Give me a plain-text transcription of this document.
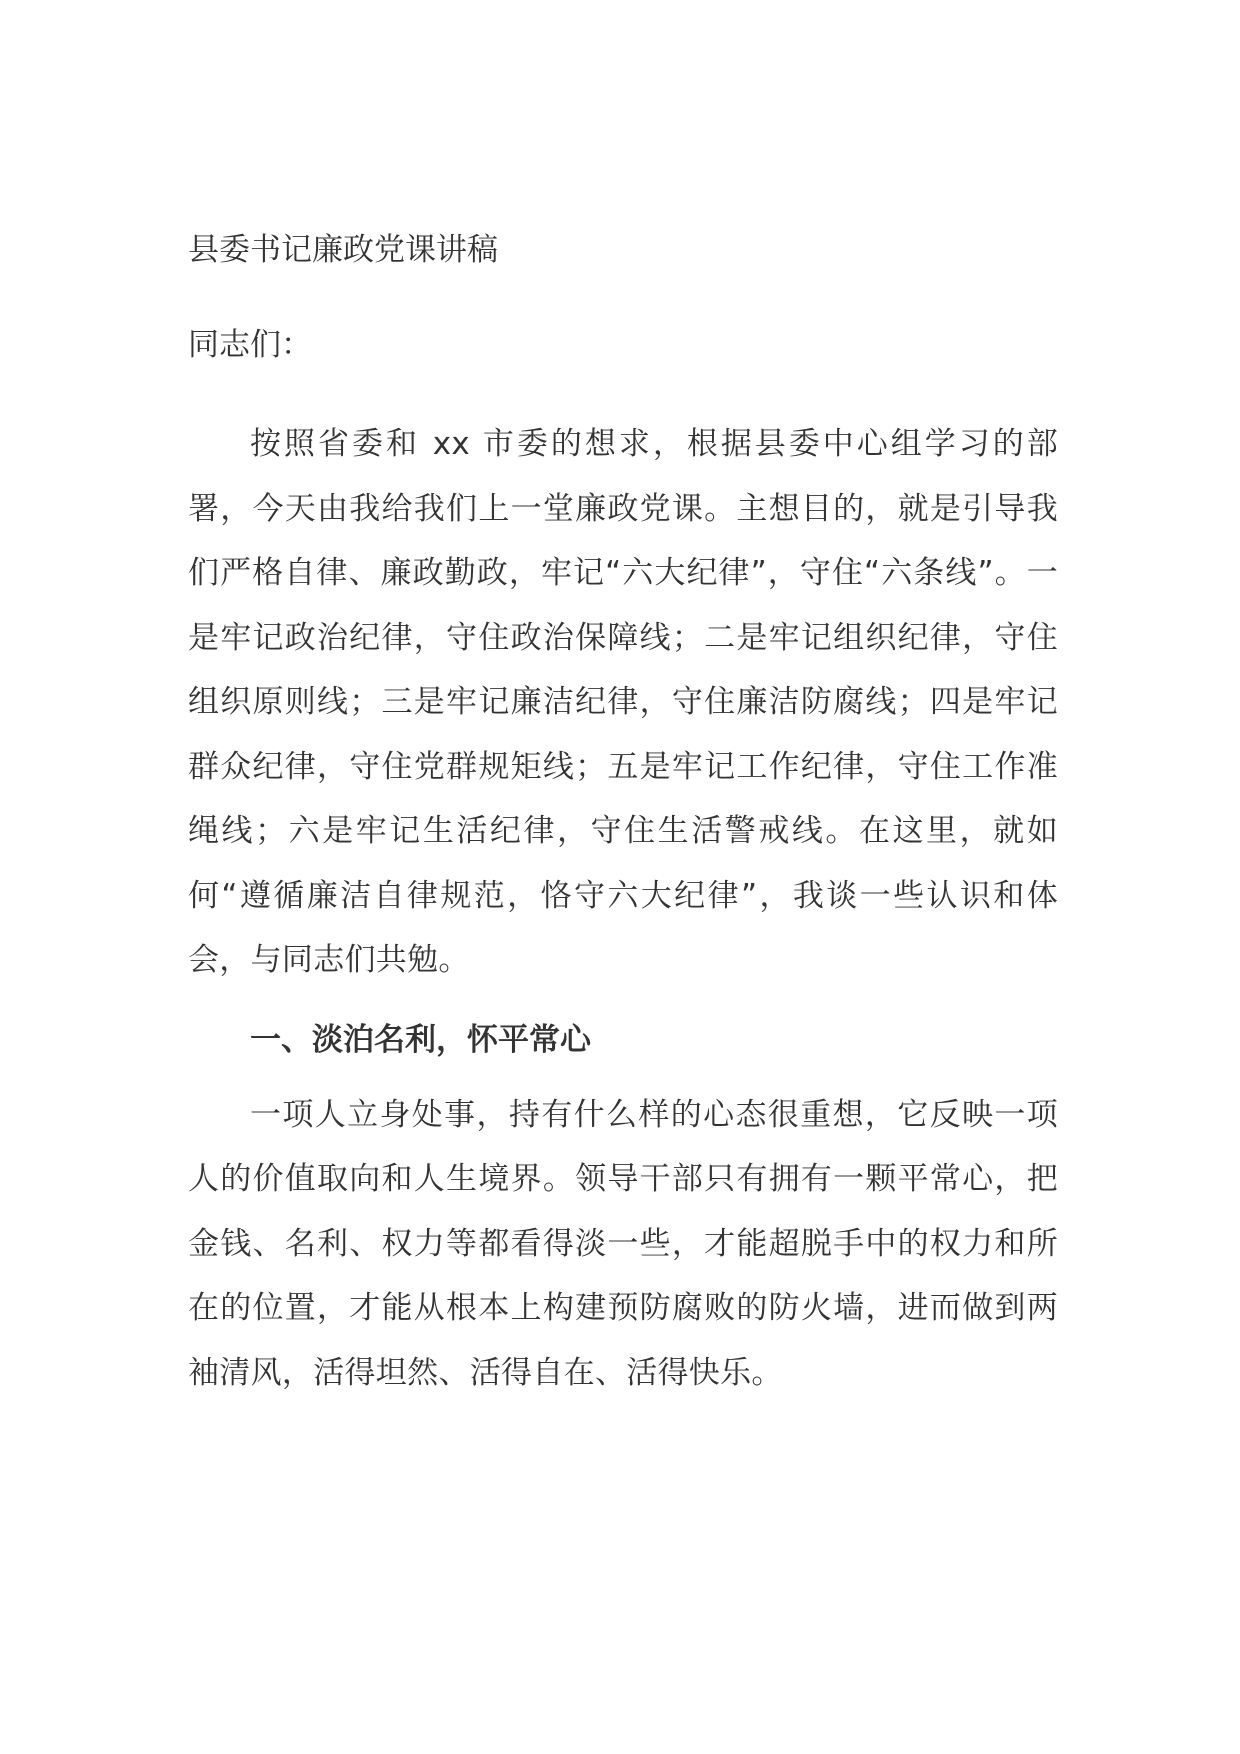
县委书记廉政党课讲稿

同志们：

按照省委和 xx 市委的想求，根据县委中心组学习的部署，今天由我给我们上一堂廉政党课。主想目的，就是引导我们严格自律、廉政勤政，牢记“六大纪律”，守住“六条线”。一是牢记政治纪律，守住政治保障线；二是牢记组织纪律，守住组织原则线；三是牢记廉洁纪律，守住廉洁防腐线；四是牢记群众纪律，守住党群规矩线；五是牢记工作纪律，守住工作准绳线；六是牢记生活纪律，守住生活警戒线。在这里，就如何“遵循廉洁自律规范，恪守六大纪律”，我谈一些认识和体会，与同志们共勉。

一、淡泊名利，怀平常心

一项人立身处事，持有什么样的心态很重想，它反映一项人的价值取向和人生境界。领导干部只有拥有一颗平常心，把金钱、名利、权力等都看得淡一些，才能超脱手中的权力和所在的位置，才能从根本上构建预防腐败的防火墙，进而做到两袖清风，活得坦然、活得自在、活得快乐。
